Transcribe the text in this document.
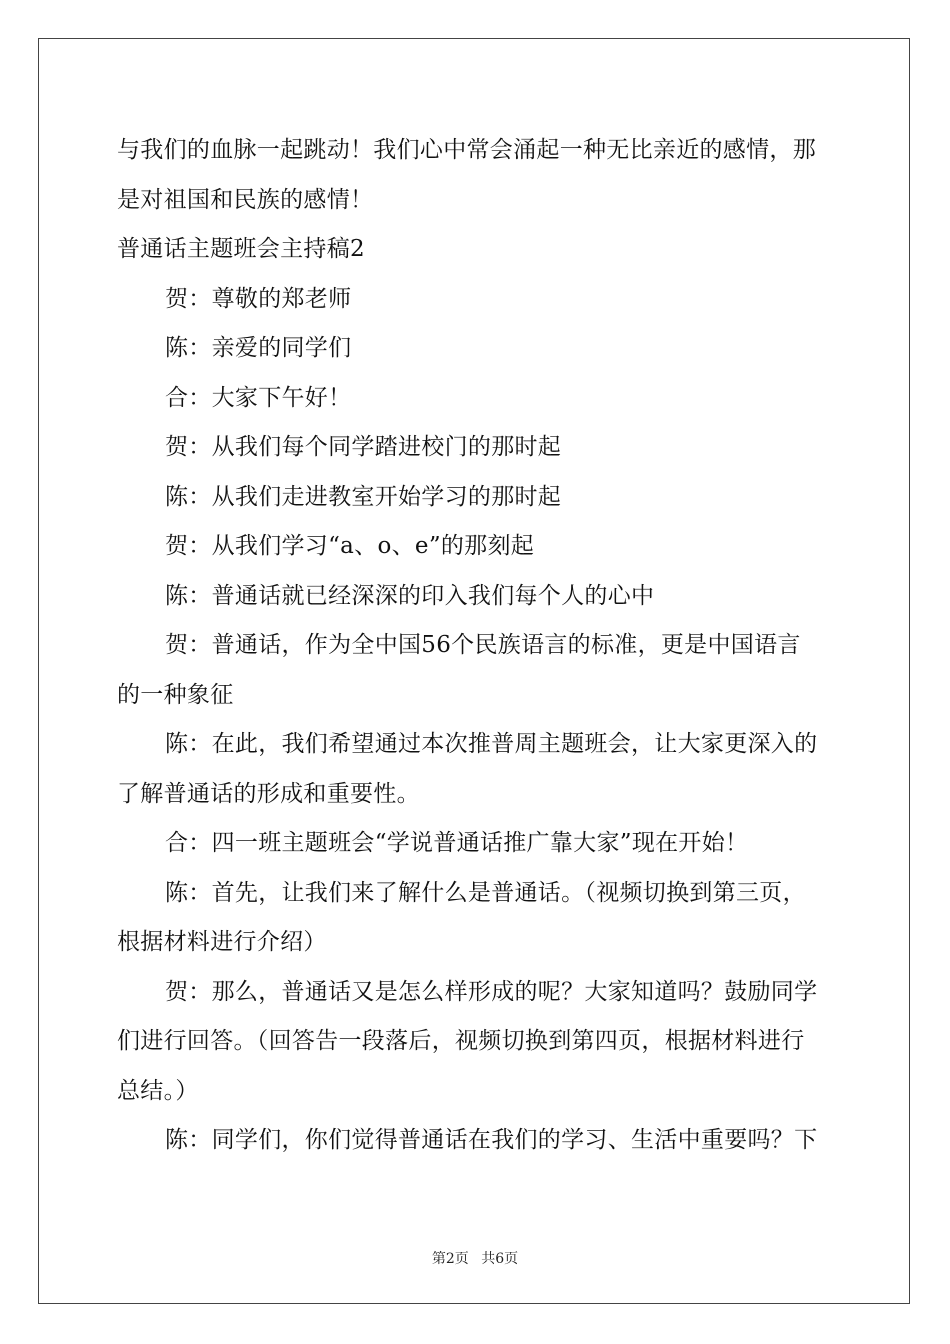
与我们的血脉一起跳动！我们心中常会涌起一种无比亲近的感情，那
是对祖国和民族的感情！
普通话主题班会主持稿2
贺：尊敬的郑老师
陈：亲爱的同学们
合：大家下午好！
贺：从我们每个同学踏进校门的那时起
陈：从我们走进教室开始学习的那时起
贺：从我们学习“a、o、e”的那刻起
陈：普通话就已经深深的印入我们每个人的心中
贺：普通话，作为全中国56个民族语言的标准，更是中国语言
的一种象征
陈：在此，我们希望通过本次推普周主题班会，让大家更深入的
了解普通话的形成和重要性。
合：四一班主题班会“学说普通话推广靠大家”现在开始！
陈：首先，让我们来了解什么是普通话。（视频切换到第三页，
根据材料进行介绍）
贺：那么，普通话又是怎么样形成的呢？大家知道吗？鼓励同学
们进行回答。（回答告一段落后，视频切换到第四页，根据材料进行
总结。）
陈：同学们，你们觉得普通话在我们的学习、生活中重要吗？下
第2页 共6页
